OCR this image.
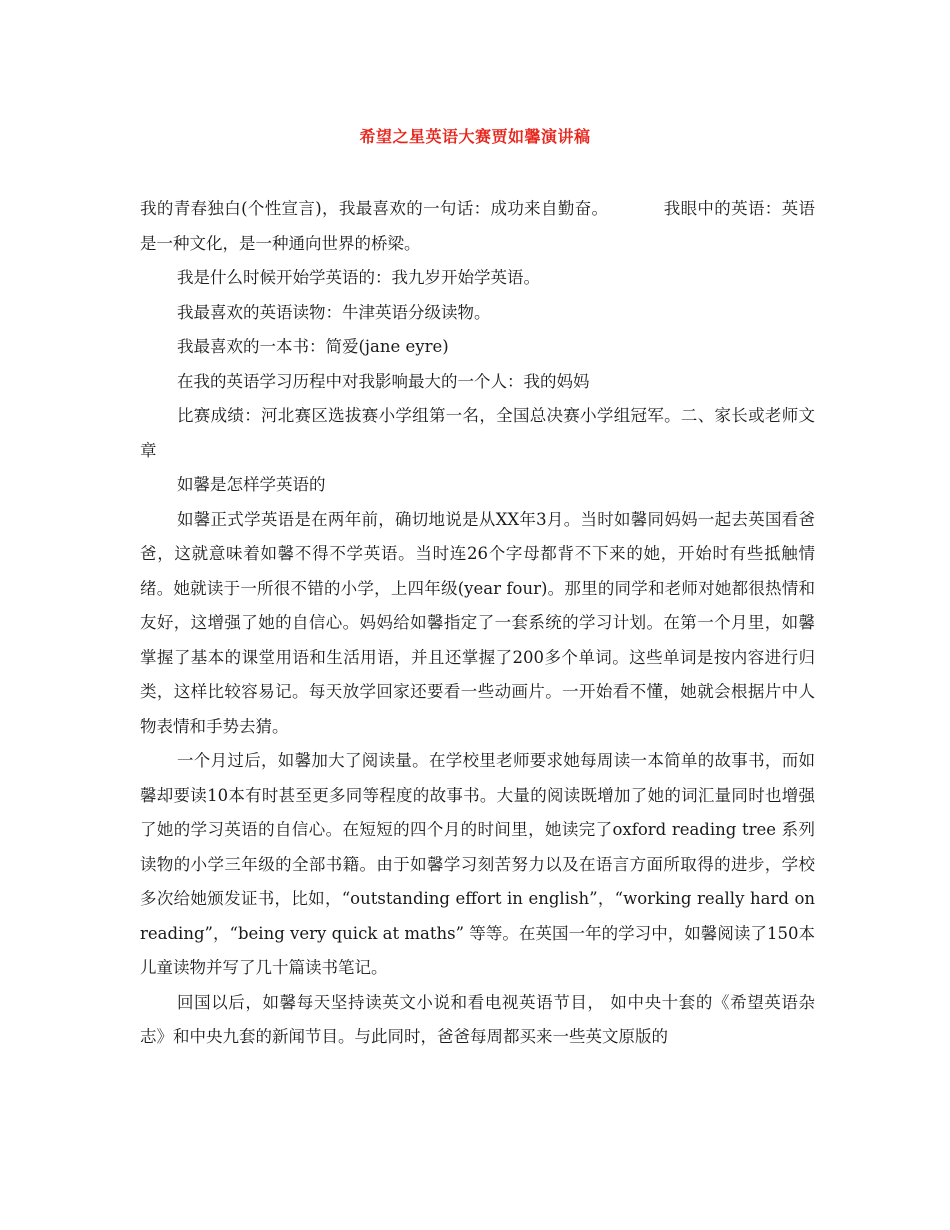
希望之星英语大赛贾如馨演讲稿

我的青春独白(个性宣言)，我最喜欢的一句话：成功来自勤奋。	我眼中的英语：英语是一种文化，是一种通向世界的桥梁。

我是什么时候开始学英语的：我九岁开始学英语。

我最喜欢的英语读物：牛津英语分级读物。

我最喜欢的一本书：简爱(jane eyre)

在我的英语学习历程中对我影响最大的一个人：我的妈妈

比赛成绩：河北赛区选拔赛小学组第一名，全国总决赛小学组冠军。二、家长或老师文章

如馨是怎样学英语的

如馨正式学英语是在两年前，确切地说是从XX年3月。当时如馨同妈妈一起去英国看爸爸，这就意味着如馨不得不学英语。当时连26个字母都背不下来的她，开始时有些抵触情绪。她就读于一所很不错的小学，上四年级(year four)。那里的同学和老师对她都很热情和友好，这增强了她的自信心。妈妈给如馨指定了一套系统的学习计划。在第一个月里，如馨掌握了基本的课堂用语和生活用语，并且还掌握了200多个单词。这些单词是按内容进行归类，这样比较容易记。每天放学回家还要看一些动画片。一开始看不懂，她就会根据片中人物表情和手势去猜。

一个月过后，如馨加大了阅读量。在学校里老师要求她每周读一本简单的故事书，而如馨却要读10本有时甚至更多同等程度的故事书。大量的阅读既增加了她的词汇量同时也增强了她的学习英语的自信心。在短短的四个月的时间里，她读完了oxford reading tree 系列读物的小学三年级的全部书籍。由于如馨学习刻苦努力以及在语言方面所取得的进步，学校多次给她颁发证书，比如，“outstanding effort in english”，“working really hard on reading”，“being very quick at maths” 等等。在英国一年的学习中，如馨阅读了150本儿童读物并写了几十篇读书笔记。

回国以后，如馨每天坚持读英文小说和看电视英语节目， 如中央十套的《希望英语杂志》和中央九套的新闻节目。与此同时，爸爸每周都买来一些英文原版的
